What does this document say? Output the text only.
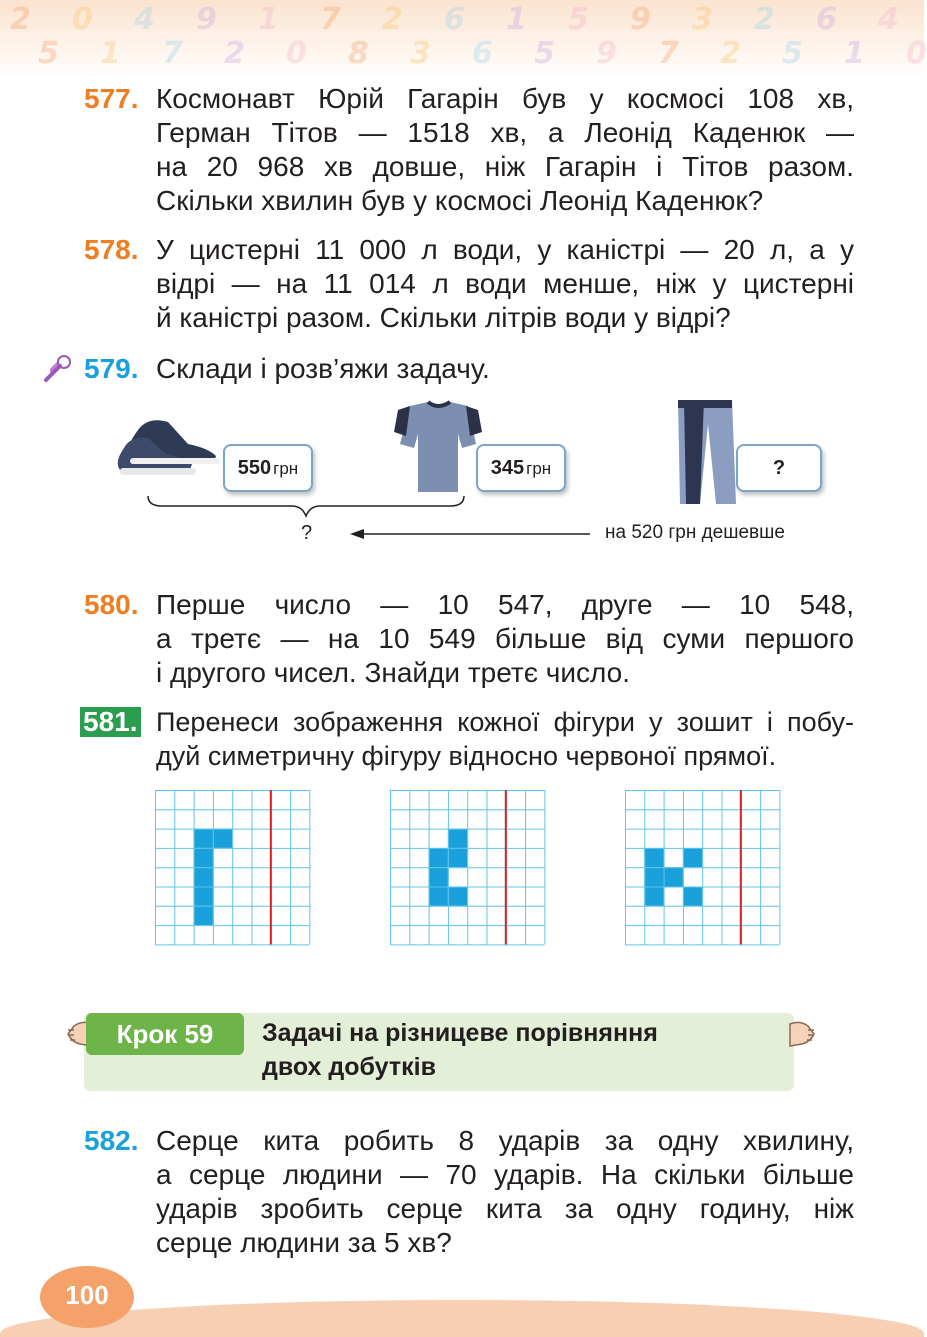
2 0 4 9 1 7 2 6 1 5 9 3 2 6 4
5 1 7 2 0 8 3 6 5 9 7 2 5 1 0
577. Космонавт Юрій Гагарін був у космосі 108 хв,
Герман Тітов — 1518 хв, а Леонід Каденюк —
на 20 968 хв довше, ніж Гагарін і Тітов разом.
Скільки хвилин був у космосі Леонід Каденюк?
578. У цистерні 11 000 л води, у каністрі — 20 л, а у
відрі — на 11 014 л води менше, ніж у цистерні
й каністрі разом. Скільки літрів води у відрі?
579. Склади і розв’яжи задачу.
550 грн	345 грн	?
?	на 520 грн дешевше
580. Перше число — 10 547, друге — 10 548,
а третє — на 10 549 більше від суми першого
і другого чисел. Знайди третє число.
581. Перенеси зображення кожної фігури у зошит і побу-
дуй симетричну фігуру відносно червоної прямої.
Крок 59	Задачі на різницеве порівняння
двох добутків
582. Серце кита робить 8 ударів за одну хвилину,
а серце людини — 70 ударів. На скільки більше
ударів зробить серце кита за одну годину, ніж
серце людини за 5 хв?
100
